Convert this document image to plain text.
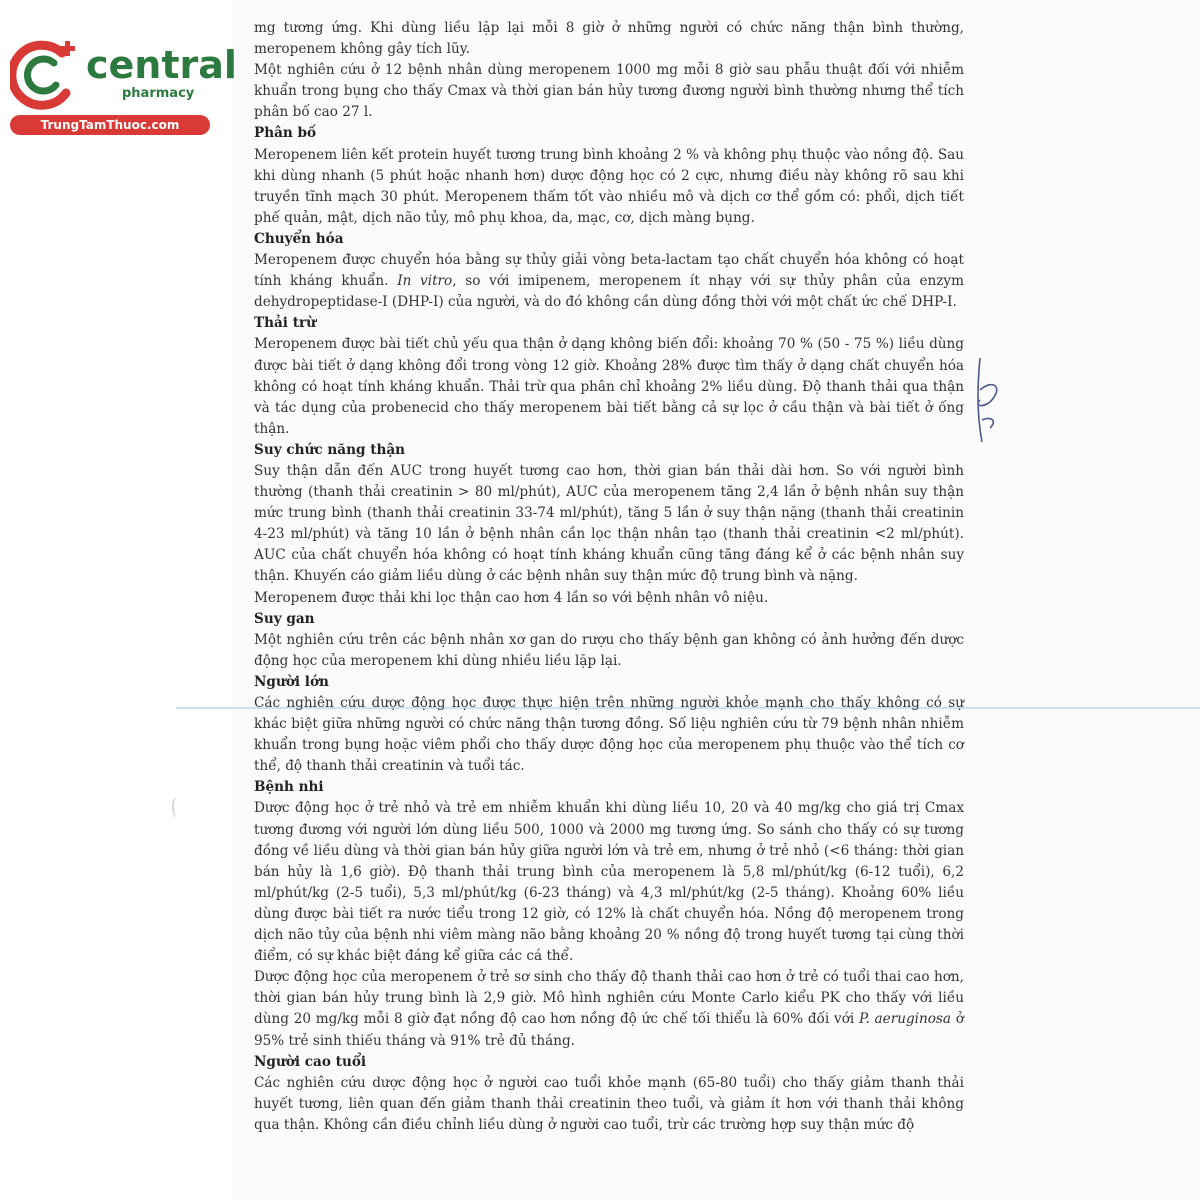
central
pharmacy
TrungTamThuoc.com

mg tương ứng. Khi dùng liều lặp lại mỗi 8 giờ ở những người có chức năng thận bình thường, meropenem không gây tích lũy.

Một nghiên cứu ở 12 bệnh nhân dùng meropenem 1000 mg mỗi 8 giờ sau phẫu thuật đối với nhiễm khuẩn trong bụng cho thấy Cmax và thời gian bán hủy tương đương người bình thường nhưng thể tích phân bố cao 27 l.

Phân bố

Meropenem liên kết protein huyết tương trung bình khoảng 2 % và không phụ thuộc vào nồng độ. Sau khi dùng nhanh (5 phút hoặc nhanh hơn) dược động học có 2 cực, nhưng điều này không rõ sau khi truyền tĩnh mạch 30 phút. Meropenem thấm tốt vào nhiều mô và dịch cơ thể gồm có: phổi, dịch tiết phế quản, mật, dịch não tủy, mô phụ khoa, da, mạc, cơ, dịch màng bụng.

Chuyển hóa

Meropenem được chuyển hóa bằng sự thủy giải vòng beta-lactam tạo chất chuyển hóa không có hoạt tính kháng khuẩn. In vitro, so với imipenem, meropenem ít nhạy với sự thủy phân của enzym dehydropeptidase-I (DHP-I) của người, và do đó không cần dùng đồng thời với một chất ức chế DHP-I.

Thải trừ

Meropenem được bài tiết chủ yếu qua thận ở dạng không biến đổi: khoảng 70 % (50 - 75 %) liều dùng được bài tiết ở dạng không đổi trong vòng 12 giờ. Khoảng 28% được tìm thấy ở dạng chất chuyển hóa không có hoạt tính kháng khuẩn. Thải trừ qua phân chỉ khoảng 2% liều dùng. Độ thanh thải qua thận và tác dụng của probenecid cho thấy meropenem bài tiết bằng cả sự lọc ở cầu thận và bài tiết ở ống thận.

Suy chức năng thận

Suy thận dẫn đến AUC trong huyết tương cao hơn, thời gian bán thải dài hơn. So với người bình thường (thanh thải creatinin > 80 ml/phút), AUC của meropenem tăng 2,4 lần ở bệnh nhân suy thận mức trung bình (thanh thải creatinin 33-74 ml/phút), tăng 5 lần ở suy thận nặng (thanh thải creatinin 4-23 ml/phút) và tăng 10 lần ở bệnh nhân cần lọc thận nhân tạo (thanh thải creatinin <2 ml/phút). AUC của chất chuyển hóa không có hoạt tính kháng khuẩn cũng tăng đáng kể ở các bệnh nhân suy thận. Khuyến cáo giảm liều dùng ở các bệnh nhân suy thận mức độ trung bình và nặng.

Meropenem được thải khi lọc thận cao hơn 4 lần so với bệnh nhân vô niệu.

Suy gan

Một nghiên cứu trên các bệnh nhân xơ gan do rượu cho thấy bệnh gan không có ảnh hưởng đến dược động học của meropenem khi dùng nhiều liều lặp lại.

Người lớn

Các nghiên cứu dược động học được thực hiện trên những người khỏe mạnh cho thấy không có sự khác biệt giữa những người có chức năng thận tương đồng. Số liệu nghiên cứu từ 79 bệnh nhân nhiễm khuẩn trong bụng hoặc viêm phổi cho thấy dược động học của meropenem phụ thuộc vào thể tích cơ thể, độ thanh thải creatinin và tuổi tác.

Bệnh nhi

Dược động học ở trẻ nhỏ và trẻ em nhiễm khuẩn khi dùng liều 10, 20 và 40 mg/kg cho giá trị Cmax tương đương với người lớn dùng liều 500, 1000 và 2000 mg tương ứng. So sánh cho thấy có sự tương đồng về liều dùng và thời gian bán hủy giữa người lớn và trẻ em, nhưng ở trẻ nhỏ (<6 tháng: thời gian bán hủy là 1,6 giờ). Độ thanh thải trung bình của meropenem là 5,8 ml/phút/kg (6-12 tuổi), 6,2 ml/phút/kg (2-5 tuổi), 5,3 ml/phút/kg (6-23 tháng) và 4,3 ml/phút/kg (2-5 tháng). Khoảng 60% liều dùng được bài tiết ra nước tiểu trong 12 giờ, có 12% là chất chuyển hóa. Nồng độ meropenem trong dịch não tủy của bệnh nhi viêm màng não bằng khoảng 20 % nồng độ trong huyết tương tại cùng thời điểm, có sự khác biệt đáng kể giữa các cá thể.

Dược động học của meropenem ở trẻ sơ sinh cho thấy độ thanh thải cao hơn ở trẻ có tuổi thai cao hơn, thời gian bán hủy trung bình là 2,9 giờ. Mô hình nghiên cứu Monte Carlo kiểu PK cho thấy với liều dùng 20 mg/kg mỗi 8 giờ đạt nồng độ cao hơn nồng độ ức chế tối thiểu là 60% đối với P. aeruginosa ở 95% trẻ sinh thiếu tháng và 91% trẻ đủ tháng.

Người cao tuổi

Các nghiên cứu dược động học ở người cao tuổi khỏe mạnh (65-80 tuổi) cho thấy giảm thanh thải huyết tương, liên quan đến giảm thanh thải creatinin theo tuổi, và giảm ít hơn với thanh thải không qua thận. Không cần điều chỉnh liều dùng ở người cao tuổi, trừ các trường hợp suy thận mức độ
